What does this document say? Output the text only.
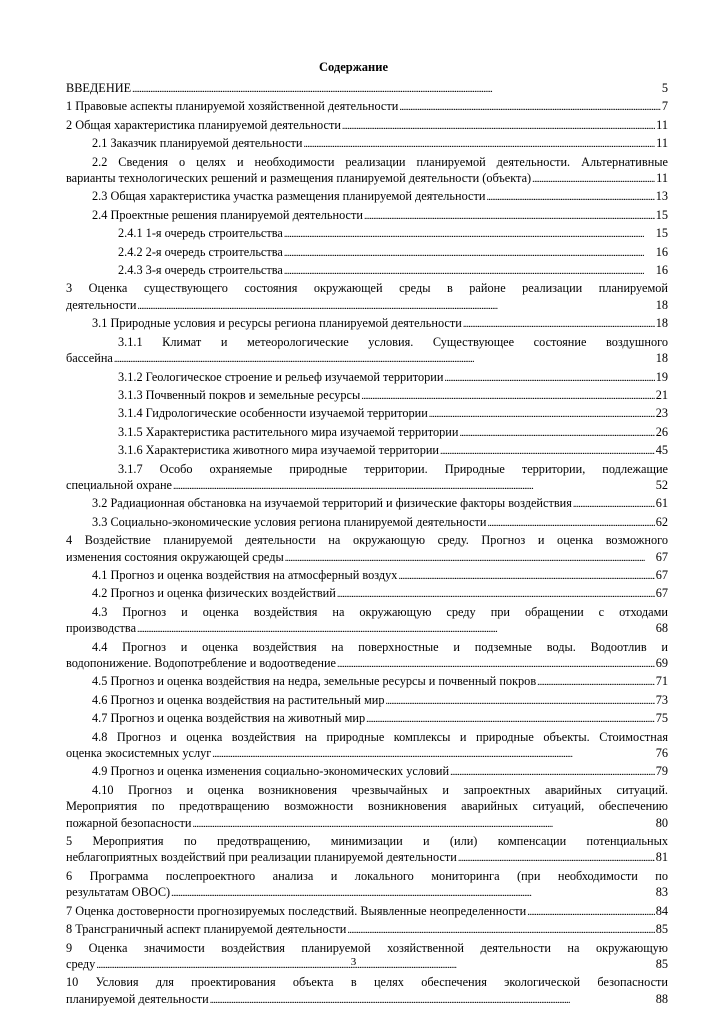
Содержание
ВВЕДЕНИЕ . . .	5
1 Правовые аспекты планируемой хозяйственной деятельности . . .	7
2 Общая характеристика планируемой деятельности . . .	11
2.1 Заказчик планируемой деятельности . . .	11
2.2 Сведения о целях и необходимости реализации планируемой деятельности. Альтернативные
варианты технологических решений и размещения планируемой деятельности (объекта) . . .	11
2.3 Общая характеристика участка размещения планируемой деятельности . . .	13
2.4 Проектные решения планируемой деятельности . . .	15
2.4.1 1-я очередь строительства . . .	15
2.4.2 2-я очередь строительства . . .	16
2.4.3 3-я очередь строительства . . .	16
3 Оценка существующего состояния окружающей среды в районе реализации планируемой
деятельности . . .	18
3.1 Природные условия и ресурсы региона планируемой деятельности . . .	18
3.1.1 Климат и метеорологические условия. Существующее состояние воздушного
бассейна . . .	18
3.1.2 Геологическое строение и рельеф изучаемой территории . . .	19
3.1.3 Почвенный покров и земельные ресурсы . . .	21
3.1.4 Гидрологические особенности изучаемой территории . . .	23
3.1.5 Характеристика растительного мира изучаемой территории . . .	26
3.1.6 Характеристика животного мира изучаемой территории . . .	45
3.1.7 Особо охраняемые природные территории. Природные территории, подлежащие
специальной охране . . .	52
3.2 Радиационная обстановка на изучаемой территорий и физические факторы воздействия . . .	61
3.3 Социально-экономические условия региона планируемой деятельности . . .	62
4 Воздействие планируемой деятельности на окружающую среду. Прогноз и оценка возможного
изменения состояния окружающей среды . . .	67
4.1 Прогноз и оценка воздействия на атмосферный воздух . . .	67
4.2 Прогноз и оценка физических воздействий . . .	67
4.3 Прогноз и оценка воздействия на окружающую среду при обращении с отходами
производства . . .	68
4.4 Прогноз и оценка воздействия на поверхностные и подземные воды. Водоотлив и
водопонижение. Водопотребление и водоотведение . . .	69
4.5 Прогноз и оценка воздействия на недра, земельные ресурсы и почвенный покров . . .	71
4.6 Прогноз и оценка воздействия на растительный мир . . .	73
4.7 Прогноз и оценка воздействия на животный мир . . .	75
4.8 Прогноз и оценка воздействия на природные комплексы и природные объекты. Стоимостная
оценка экосистемных услуг . . .	76
4.9 Прогноз и оценка изменения социально-экономических условий . . .	79
4.10 Прогноз и оценка возникновения чрезвычайных и запроектных аварийных ситуаций.
Мероприятия по предотвращению возможности возникновения аварийных ситуаций, обеспечению
пожарной безопасности . . .	80
5 Мероприятия по предотвращению, минимизации и (или) компенсации потенциальных
неблагоприятных воздействий при реализации планируемой деятельности . . .	81
6 Программа послепроектного анализа и локального мониторинга (при необходимости по
результатам ОВОС) . . .	83
7 Оценка достоверности прогнозируемых последствий. Выявленные неопределенности . . .	84
8 Трансграничный аспект планируемой деятельности . . .	85
9 Оценка значимости воздействия планируемой хозяйственной деятельности на окружающую
среду . . .	85
10 Условия для проектирования объекта в целях обеспечения экологической безопасности
планируемой деятельности . . .	88
3
